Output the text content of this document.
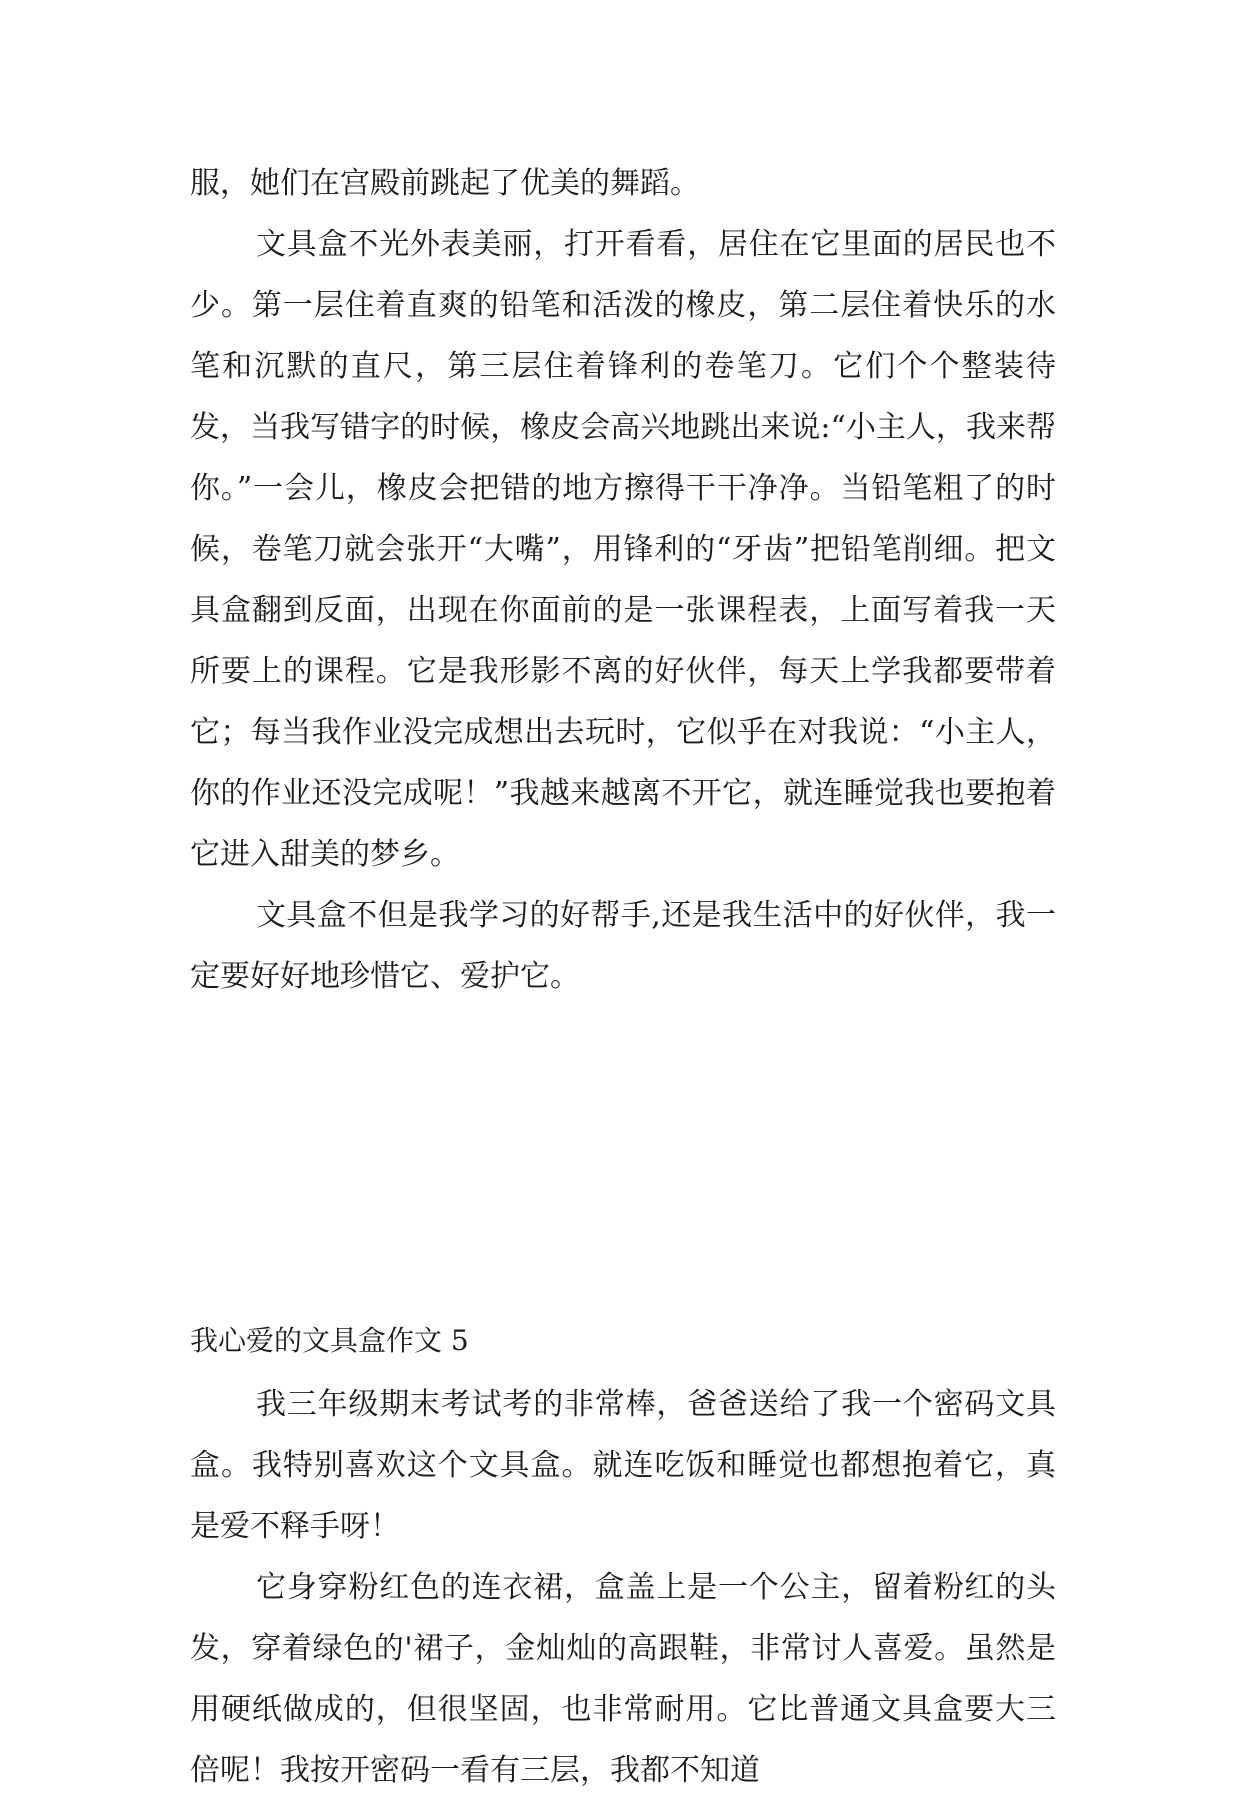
服，她们在宫殿前跳起了优美的舞蹈。

文具盒不光外表美丽，打开看看，居住在它里面的居民也不少。第一层住着直爽的铅笔和活泼的橡皮，第二层住着快乐的水笔和沉默的直尺，第三层住着锋利的卷笔刀。它们个个整装待发，当我写错字的时候，橡皮会高兴地跳出来说:“小主人，我来帮你。”一会儿，橡皮会把错的地方擦得干干净净。当铅笔粗了的时候，卷笔刀就会张开“大嘴”，用锋利的“牙齿”把铅笔削细。把文具盒翻到反面，出现在你面前的是一张课程表，上面写着我一天所要上的课程。它是我形影不离的好伙伴，每天上学我都要带着它；每当我作业没完成想出去玩时，它似乎在对我说：“小主人，你的作业还没完成呢！”我越来越离不开它，就连睡觉我也要抱着它进入甜美的梦乡。

文具盒不但是我学习的好帮手,还是我生活中的好伙伴，我一定要好好地珍惜它、爱护它。

我心爱的文具盒作文 5

我三年级期末考试考的非常棒，爸爸送给了我一个密码文具盒。我特别喜欢这个文具盒。就连吃饭和睡觉也都想抱着它，真是爱不释手呀！

它身穿粉红色的连衣裙，盒盖上是一个公主，留着粉红的头发，穿着绿色的'裙子，金灿灿的高跟鞋，非常讨人喜爱。虽然是用硬纸做成的，但很坚固，也非常耐用。它比普通文具盒要大三倍呢！我按开密码一看有三层，我都不知道
